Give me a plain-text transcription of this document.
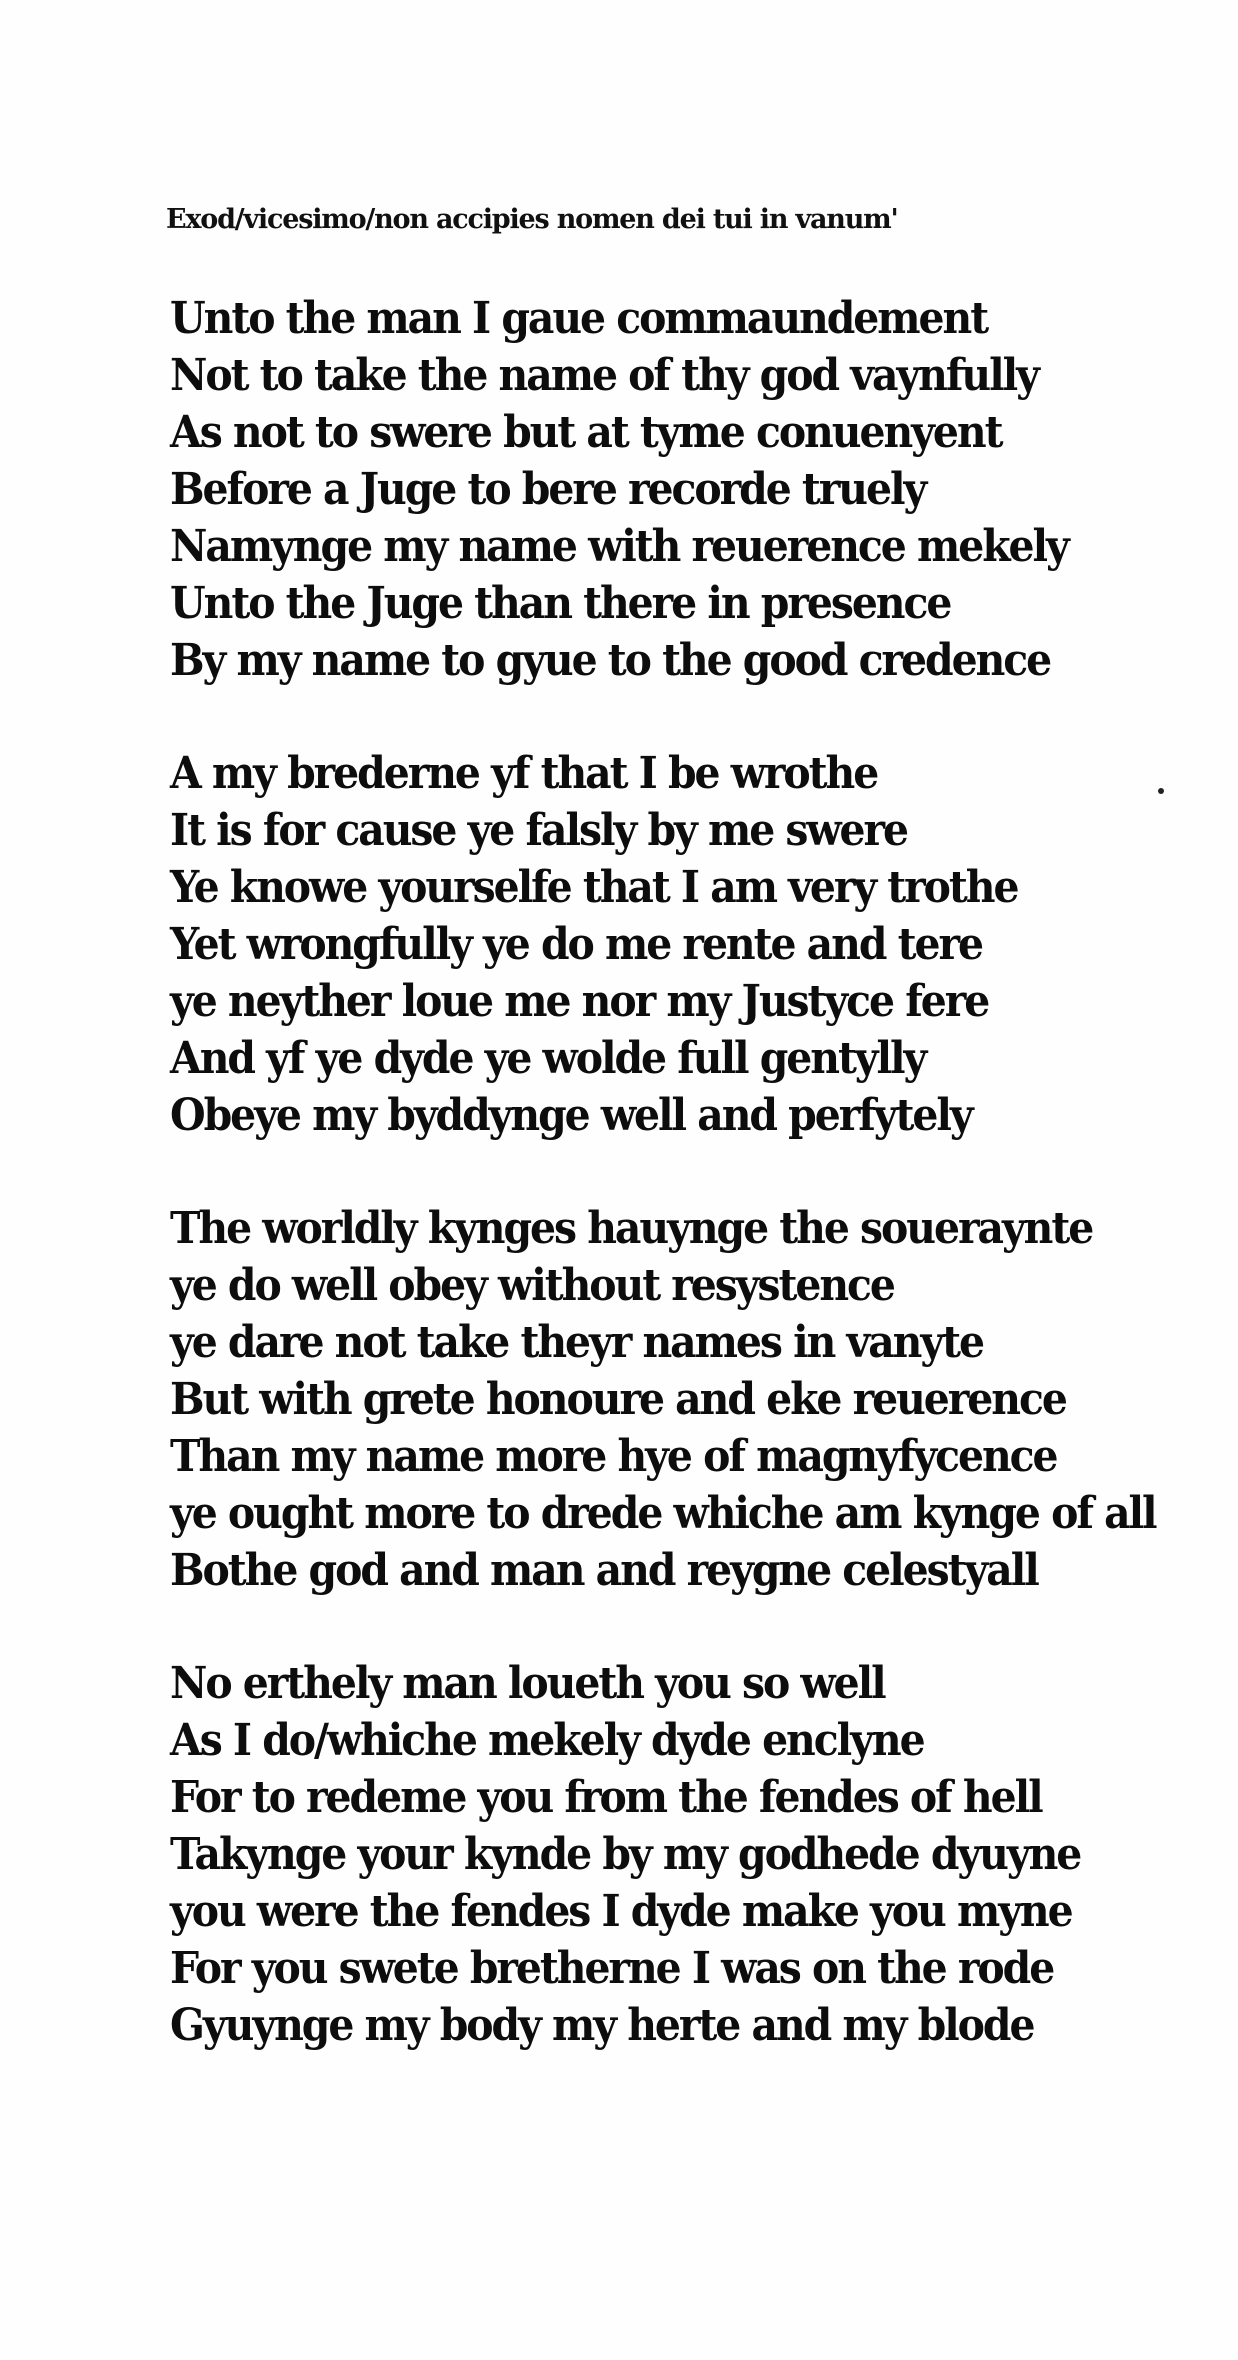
Exod/vicesimo/non accipies nomen dei tui in vanum'
Unto the man I gaue commaundement
Not to take the name of thy god vaynfully
As not to swere but at tyme conuenyent
Before a Juge to bere recorde truely
Namynge my name with reuerence mekely
Unto the Juge than there in presence
By my name to gyue to the good credence
A my brederne yf that I be wrothe
It is for cause ye falsly by me swere
Ye knowe yourselfe that I am very trothe
Yet wrongfully ye do me rente and tere
ye neyther loue me nor my Justyce fere
And yf ye dyde ye wolde full gentylly
Obeye my byddynge well and perfytely
The worldly kynges hauynge the soueraynte
ye do well obey without resystence
ye dare not take theyr names in vanyte
But with grete honoure and eke reuerence
Than my name more hye of magnyfycence
ye ought more to drede whiche am kynge of all
Bothe god and man and reygne celestyall
No erthely man loueth you so well
As I do/whiche mekely dyde enclyne
For to redeme you from the fendes of hell
Takynge your kynde by my godhede dyuyne
you were the fendes I dyde make you myne
For you swete bretherne I was on the rode
Gyuynge my body my herte and my blode
